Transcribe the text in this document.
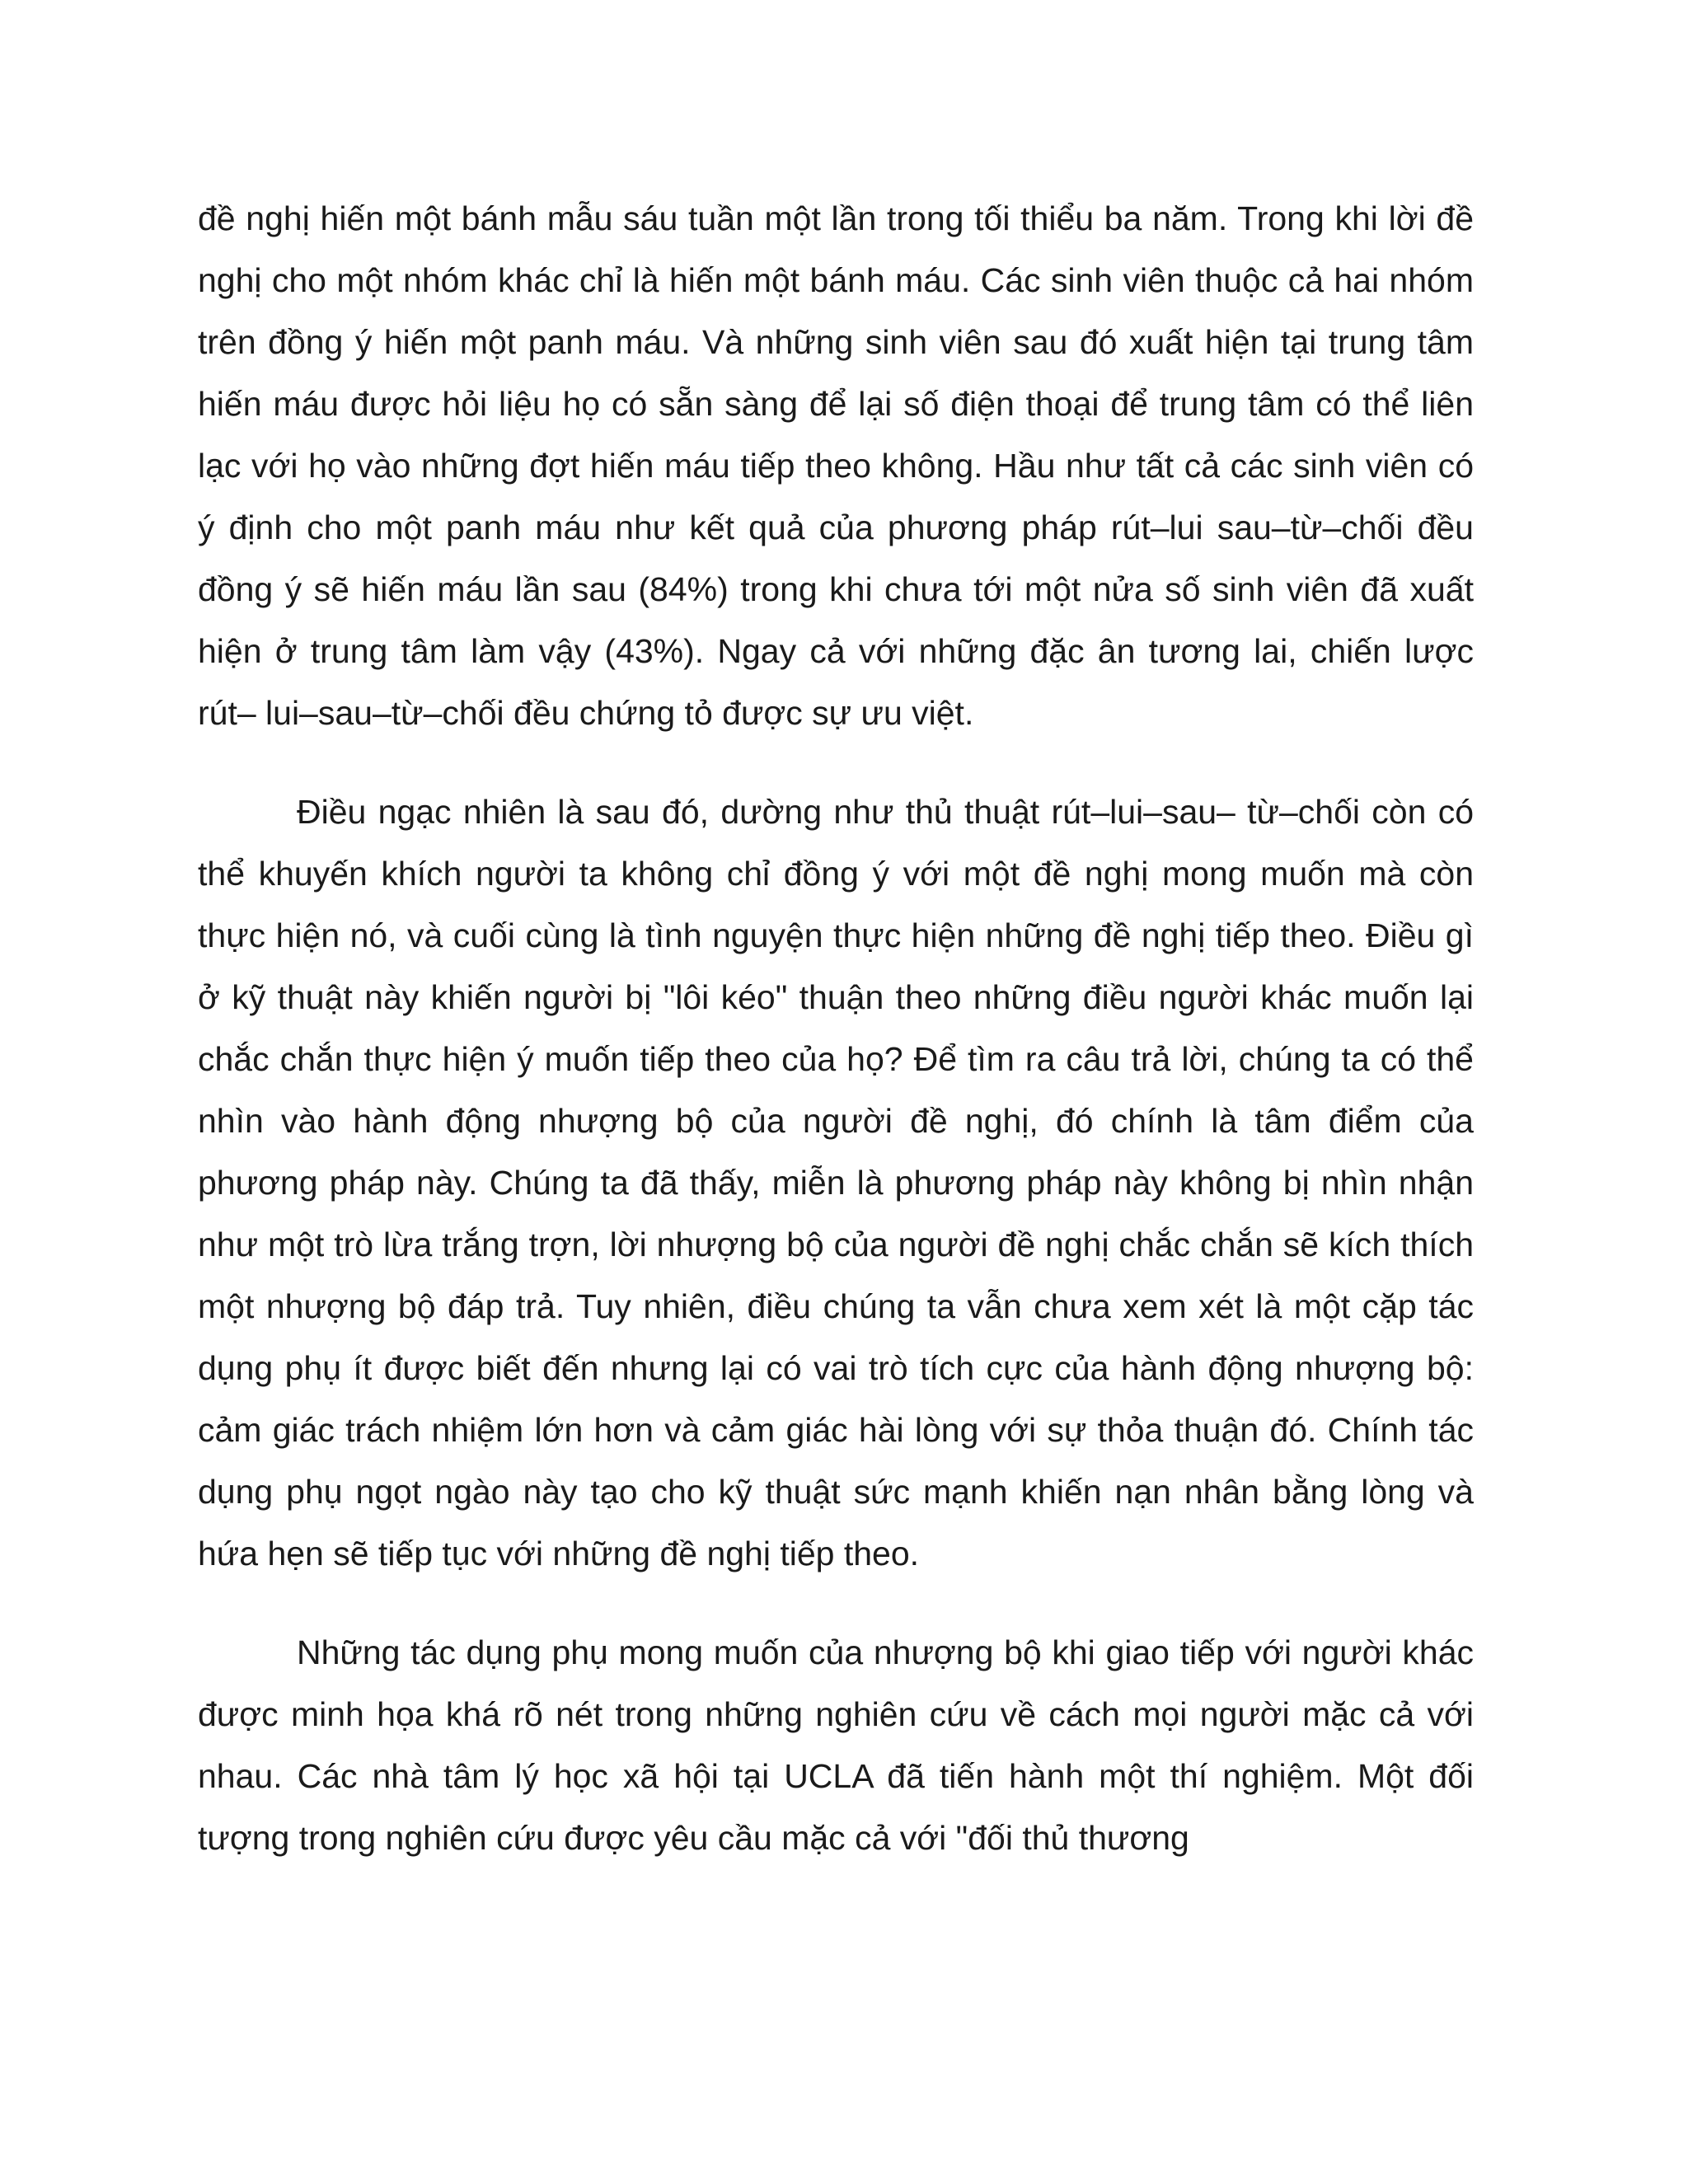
đề nghị hiến một bánh mẫu sáu tuần một lần trong tối thiểu ba năm. Trong khi lời đề nghị cho một nhóm khác chỉ là hiến một bánh máu. Các sinh viên thuộc cả hai nhóm trên đồng ý hiến một panh máu. Và những sinh viên sau đó xuất hiện tại trung tâm hiến máu được hỏi liệu họ có sẵn sàng để lại số điện thoại để trung tâm có thể liên lạc với họ vào những đợt hiến máu tiếp theo không. Hầu như tất cả các sinh viên có ý định cho một panh máu như kết quả của phương pháp rút–lui sau–từ–chối đều đồng ý sẽ hiến máu lần sau (84%) trong khi chưa tới một nửa số sinh viên đã xuất hiện ở trung tâm làm vậy (43%). Ngay cả với những đặc ân tương lai, chiến lược rút– lui–sau–từ–chối đều chứng tỏ được sự ưu việt.

Điều ngạc nhiên là sau đó, dường như thủ thuật rút–lui–sau– từ–chối còn có thể khuyến khích người ta không chỉ đồng ý với một đề nghị mong muốn mà còn thực hiện nó, và cuối cùng là tình nguyện thực hiện những đề nghị tiếp theo. Điều gì ở kỹ thuật này khiến người bị "lôi kéo" thuận theo những điều người khác muốn lại chắc chắn thực hiện ý muốn tiếp theo của họ? Để tìm ra câu trả lời, chúng ta có thể nhìn vào hành động nhượng bộ của người đề nghị, đó chính là tâm điểm của phương pháp này. Chúng ta đã thấy, miễn là phương pháp này không bị nhìn nhận như một trò lừa trắng trợn, lời nhượng bộ của người đề nghị chắc chắn sẽ kích thích một nhượng bộ đáp trả. Tuy nhiên, điều chúng ta vẫn chưa xem xét là một cặp tác dụng phụ ít được biết đến nhưng lại có vai trò tích cực của hành động nhượng bộ: cảm giác trách nhiệm lớn hơn và cảm giác hài lòng với sự thỏa thuận đó. Chính tác dụng phụ ngọt ngào này tạo cho kỹ thuật sức mạnh khiến nạn nhân bằng lòng và hứa hẹn sẽ tiếp tục với những đề nghị tiếp theo.

Những tác dụng phụ mong muốn của nhượng bộ khi giao tiếp với người khác được minh họa khá rõ nét trong những nghiên cứu về cách mọi người mặc cả với nhau. Các nhà tâm lý học xã hội tại UCLA đã tiến hành một thí nghiệm. Một đối tượng trong nghiên cứu được yêu cầu mặc cả với "đối thủ thương
